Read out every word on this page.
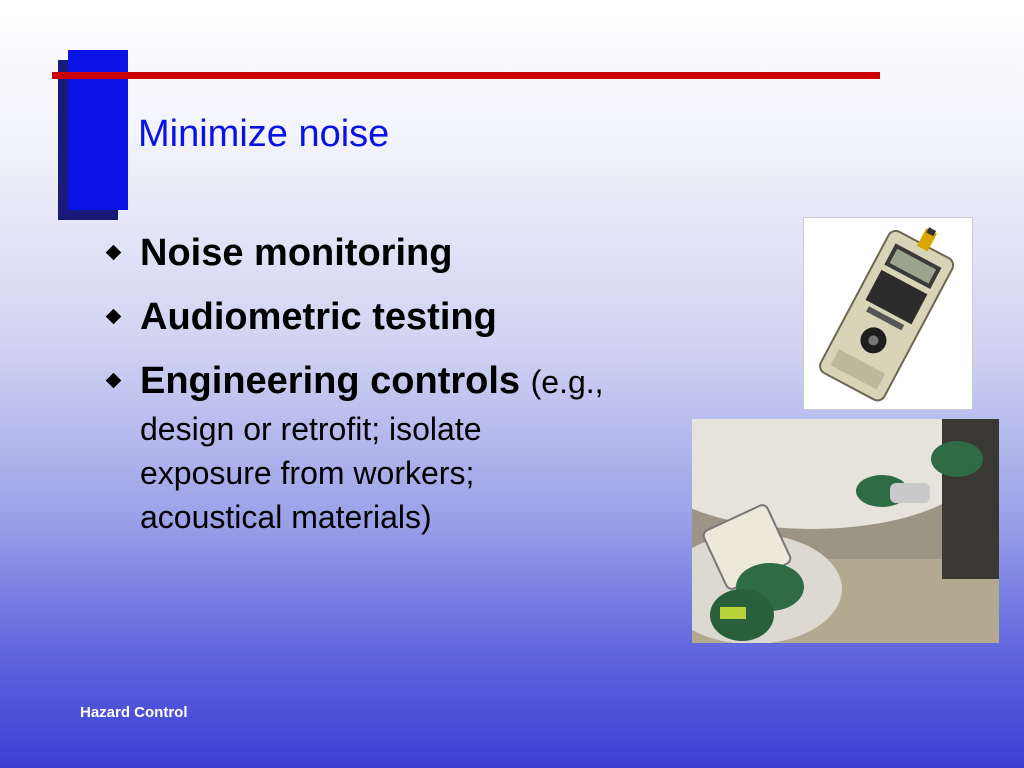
Minimize noise
Noise monitoring
Audiometric testing
Engineering controls (e.g.,
design or retrofit; isolate
exposure from workers;
acoustical materials)
Hazard Control
